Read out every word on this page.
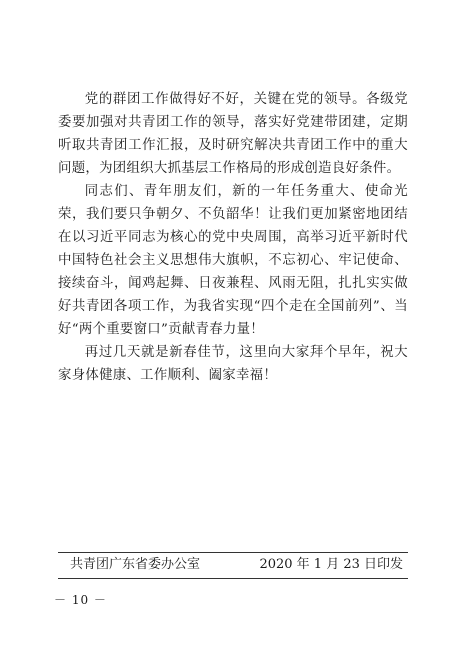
党的群团工作做得好不好，关键在党的领导。各级党委要加强对共青团工作的领导，落实好党建带团建，定期听取共青团工作汇报，及时研究解决共青团工作中的重大问题，为团组织大抓基层工作格局的形成创造良好条件。

同志们、青年朋友们，新的一年任务重大、使命光荣，我们要只争朝夕、不负韶华！让我们更加紧密地团结在以习近平同志为核心的党中央周围，高举习近平新时代中国特色社会主义思想伟大旗帜，不忘初心、牢记使命、接续奋斗，闻鸡起舞、日夜兼程、风雨无阻，扎扎实实做好共青团各项工作，为我省实现“四个走在全国前列”、当好“两个重要窗口”贡献青春力量！

再过几天就是新春佳节，这里向大家拜个早年，祝大家身体健康、工作顺利、阖家幸福！

共青团广东省委办公室	2020 年 1 月 23 日印发
－ 10 －
